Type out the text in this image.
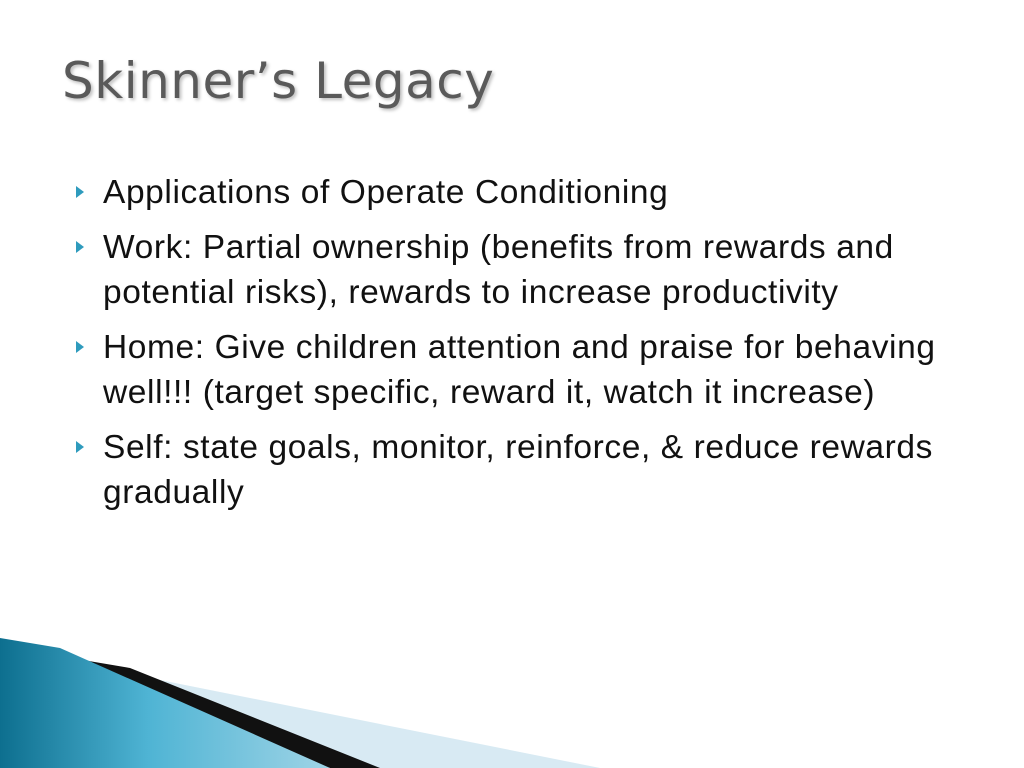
Skinner’s Legacy
Applications of Operate Conditioning
Work: Partial ownership (benefits from rewards and potential risks), rewards to increase productivity
Home: Give children attention and praise for behaving well!!! (target specific, reward it, watch it increase)
Self: state goals, monitor, reinforce, & reduce rewards gradually
